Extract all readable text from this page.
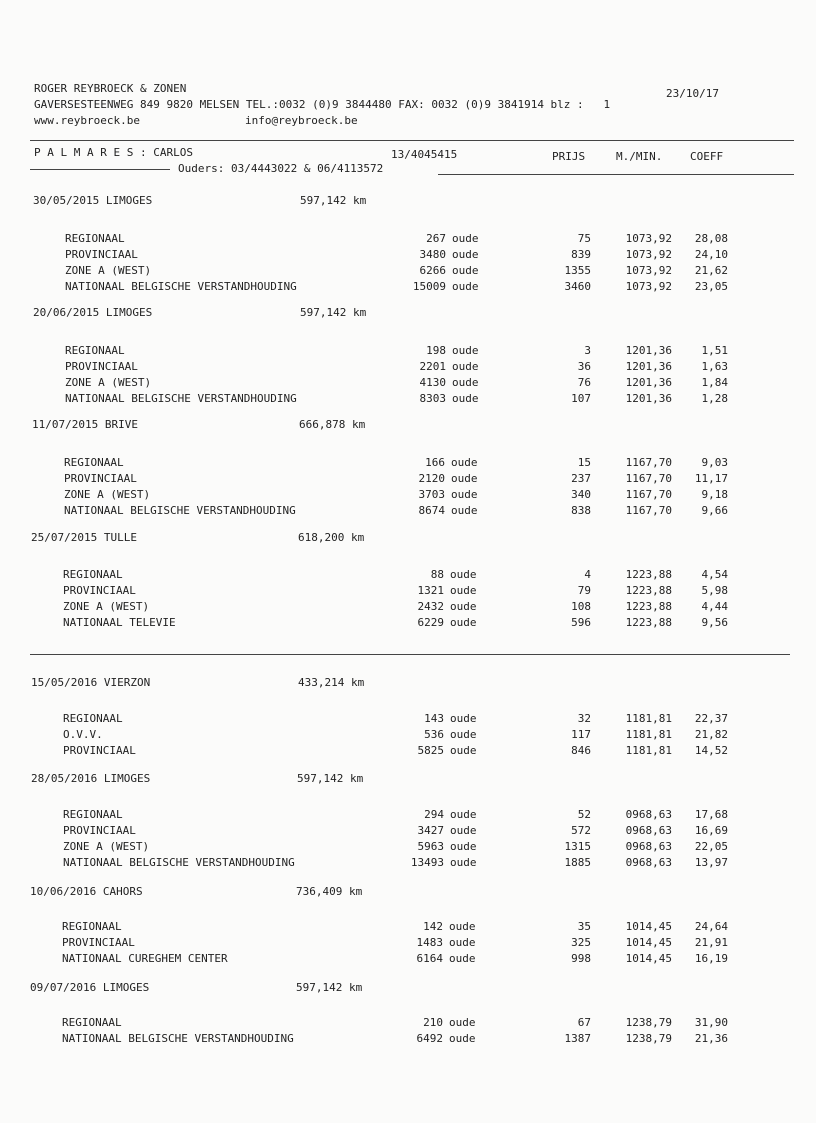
ROGER REYBROECK & ZONEN	23/10/17
GAVERSESTEENWEG 849 9820 MELSEN TEL.:0032 (0)9 3844480 FAX: 0032 (0)9 3841914 blz :   1
www.reybroeck.be	info@reybroeck.be
P A L M A R E S : CARLOS	13/4045415	PRIJS	M./MIN.	COEFF
Ouders: 03/4443022 & 06/4113572
30/05/2015 LIMOGES	597,142 km
REGIONAAL	267 oude	75	1073,92	28,08
PROVINCIAAL	3480 oude	839	1073,92	24,10
ZONE A (WEST)	6266 oude	1355	1073,92	21,62
NATIONAAL BELGISCHE VERSTANDHOUDING	15009 oude	3460	1073,92	23,05
20/06/2015 LIMOGES	597,142 km
REGIONAAL	198 oude	3	1201,36	1,51
PROVINCIAAL	2201 oude	36	1201,36	1,63
ZONE A (WEST)	4130 oude	76	1201,36	1,84
NATIONAAL BELGISCHE VERSTANDHOUDING	8303 oude	107	1201,36	1,28
11/07/2015 BRIVE	666,878 km
REGIONAAL	166 oude	15	1167,70	9,03
PROVINCIAAL	2120 oude	237	1167,70	11,17
ZONE A (WEST)	3703 oude	340	1167,70	9,18
NATIONAAL BELGISCHE VERSTANDHOUDING	8674 oude	838	1167,70	9,66
25/07/2015 TULLE	618,200 km
REGIONAAL	88 oude	4	1223,88	4,54
PROVINCIAAL	1321 oude	79	1223,88	5,98
ZONE A (WEST)	2432 oude	108	1223,88	4,44
NATIONAAL TELEVIE	6229 oude	596	1223,88	9,56
15/05/2016 VIERZON	433,214 km
REGIONAAL	143 oude	32	1181,81	22,37
O.V.V.	536 oude	117	1181,81	21,82
PROVINCIAAL	5825 oude	846	1181,81	14,52
28/05/2016 LIMOGES	597,142 km
REGIONAAL	294 oude	52	0968,63	17,68
PROVINCIAAL	3427 oude	572	0968,63	16,69
ZONE A (WEST)	5963 oude	1315	0968,63	22,05
NATIONAAL BELGISCHE VERSTANDHOUDING	13493 oude	1885	0968,63	13,97
10/06/2016 CAHORS	736,409 km
REGIONAAL	142 oude	35	1014,45	24,64
PROVINCIAAL	1483 oude	325	1014,45	21,91
NATIONAAL CUREGHEM CENTER	6164 oude	998	1014,45	16,19
09/07/2016 LIMOGES	597,142 km
REGIONAAL	210 oude	67	1238,79	31,90
NATIONAAL BELGISCHE VERSTANDHOUDING	6492 oude	1387	1238,79	21,36
